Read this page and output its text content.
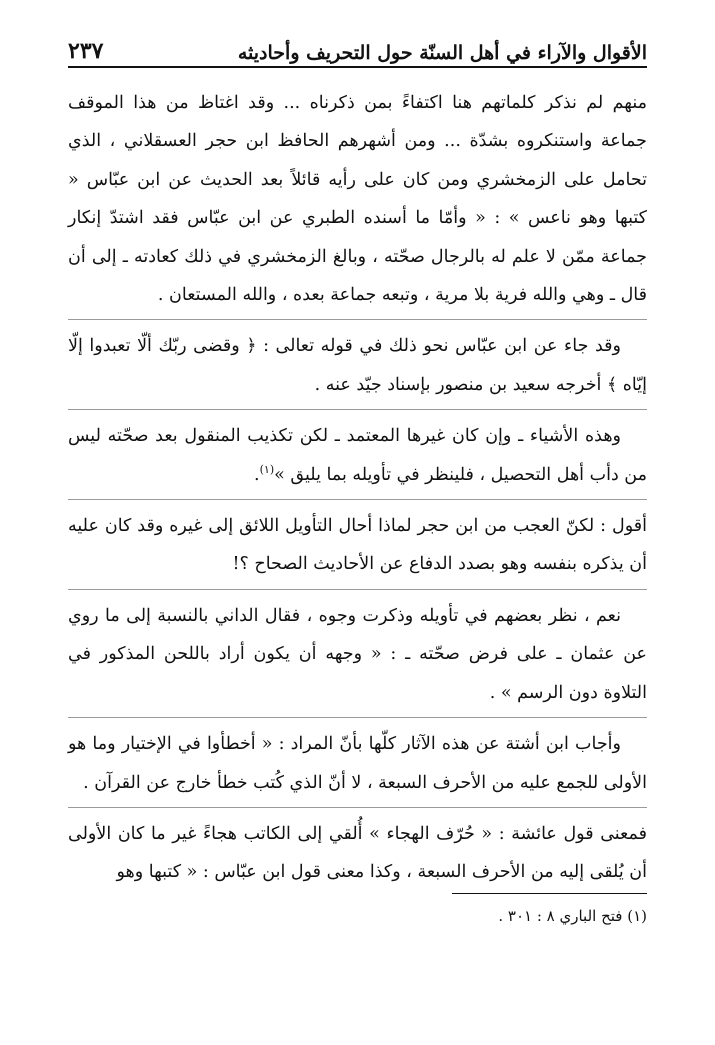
الأقوال والآراء في أهل السنّة حول التحريف وأحاديثه
٢٣٧

منهم لم نذكر كلماتهم هنا اكتفاءً بمن ذكرناه ... وقد اغتاظ من هذا الموقف جماعة واستنكروه بشدّة ... ومن أشهرهم الحافظ ابن حجر العسقلاني ، الذي تحامل على الزمخشري ومن كان على رأيه قائلاً بعد الحديث عن ابن عبّاس « كتبها وهو ناعس » : « وأمّا ما أسنده الطبري عن ابن عبّاس فقد اشتدّ إنكار جماعة ممّن لا علم له بالرجال صحّته ، وبالغ الزمخشري في ذلك كعادته ـ إلى أن قال ـ وهي والله فرية بلا مرية ، وتبعه جماعة بعده ، والله المستعان .

وقد جاء عن ابن عبّاس نحو ذلك في قوله تعالى : ﴿ وقضى ربّك ألّا تعبدوا إلّا إيّاه ﴾ أخرجه سعيد بن منصور بإسناد جيّد عنه .

وهذه الأشياء ـ وإن كان غيرها المعتمد ـ لكن تكذيب المنقول بعد صحّته ليس من دأب أهل التحصيل ، فلينظر في تأويله بما يليق »$^{(١)}$.

أقول : لكنّ العجب من ابن حجر لماذا أحال التأويل اللائق إلى غيره وقد كان عليه أن يذكره بنفسه وهو بصدد الدفاع عن الأحاديث الصحاح ؟!

نعم ، نظر بعضهم في تأويله وذكرت وجوه ، فقال الداني بالنسبة إلى ما روي عن عثمان ـ على فرض صحّته ـ : « وجهه أن يكون أراد باللحن المذكور في التلاوة دون الرسم » .

وأجاب ابن أشتة عن هذه الآثار كلّها بأنّ المراد : « أخطأوا في الإختيار وما هو الأولى للجمع عليه من الأحرف السبعة ، لا أنّ الذي كُتب خطأ خارج عن القرآن .

فمعنى قول عائشة : « حُرّف الهجاء » أُلقي إلى الكاتب هجاءً غير ما كان الأولى أن يُلقى إليه من الأحرف السبعة ، وكذا معنى قول ابن عبّاس : « كتبها وهو

(١) فتح الباري ٨ : ٣٠١ .
